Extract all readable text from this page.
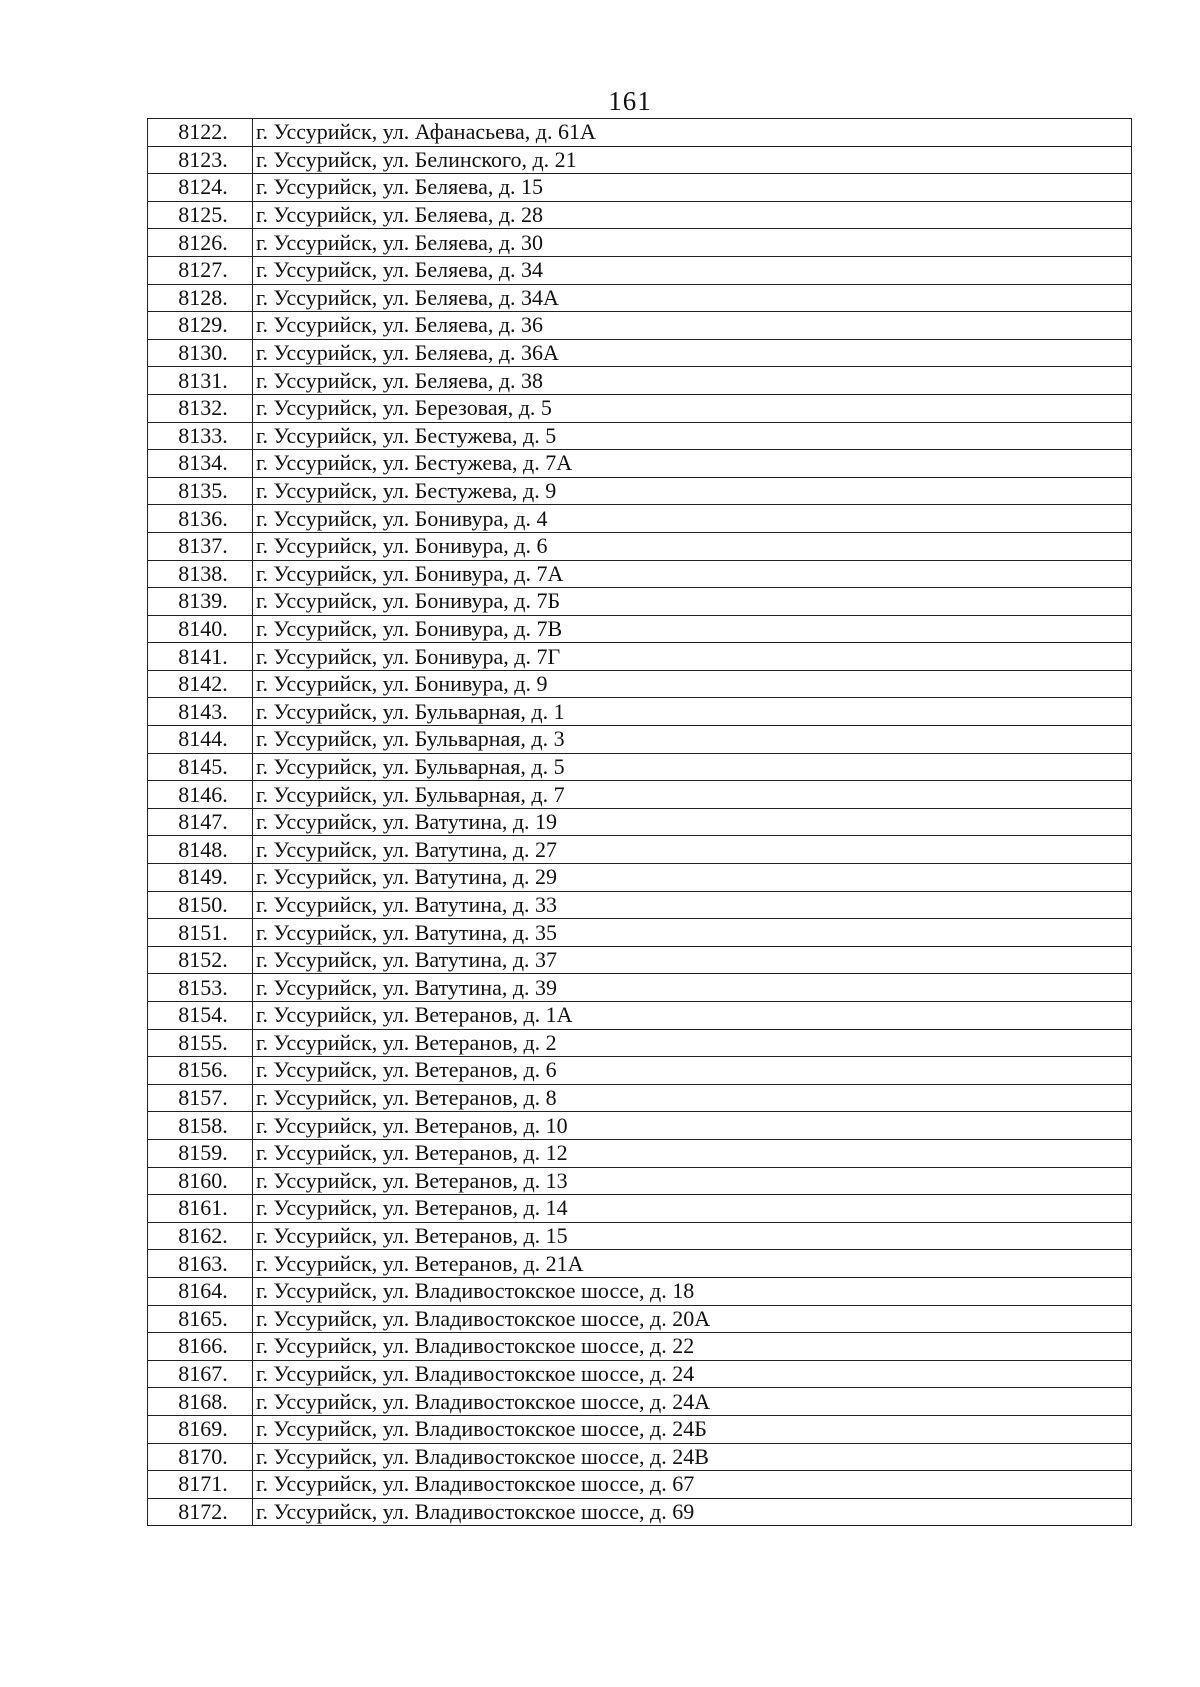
161
8122.	г. Уссурийск, ул. Афанасьева, д. 61А
8123.	г. Уссурийск, ул. Белинского, д. 21
8124.	г. Уссурийск, ул. Беляева, д. 15
8125.	г. Уссурийск, ул. Беляева, д. 28
8126.	г. Уссурийск, ул. Беляева, д. 30
8127.	г. Уссурийск, ул. Беляева, д. 34
8128.	г. Уссурийск, ул. Беляева, д. 34А
8129.	г. Уссурийск, ул. Беляева, д. 36
8130.	г. Уссурийск, ул. Беляева, д. 36А
8131.	г. Уссурийск, ул. Беляева, д. 38
8132.	г. Уссурийск, ул. Березовая, д. 5
8133.	г. Уссурийск, ул. Бестужева, д. 5
8134.	г. Уссурийск, ул. Бестужева, д. 7А
8135.	г. Уссурийск, ул. Бестужева, д. 9
8136.	г. Уссурийск, ул. Бонивура, д. 4
8137.	г. Уссурийск, ул. Бонивура, д. 6
8138.	г. Уссурийск, ул. Бонивура, д. 7А
8139.	г. Уссурийск, ул. Бонивура, д. 7Б
8140.	г. Уссурийск, ул. Бонивура, д. 7В
8141.	г. Уссурийск, ул. Бонивура, д. 7Г
8142.	г. Уссурийск, ул. Бонивура, д. 9
8143.	г. Уссурийск, ул. Бульварная, д. 1
8144.	г. Уссурийск, ул. Бульварная, д. 3
8145.	г. Уссурийск, ул. Бульварная, д. 5
8146.	г. Уссурийск, ул. Бульварная, д. 7
8147.	г. Уссурийск, ул. Ватутина, д. 19
8148.	г. Уссурийск, ул. Ватутина, д. 27
8149.	г. Уссурийск, ул. Ватутина, д. 29
8150.	г. Уссурийск, ул. Ватутина, д. 33
8151.	г. Уссурийск, ул. Ватутина, д. 35
8152.	г. Уссурийск, ул. Ватутина, д. 37
8153.	г. Уссурийск, ул. Ватутина, д. 39
8154.	г. Уссурийск, ул. Ветеранов, д. 1А
8155.	г. Уссурийск, ул. Ветеранов, д. 2
8156.	г. Уссурийск, ул. Ветеранов, д. 6
8157.	г. Уссурийск, ул. Ветеранов, д. 8
8158.	г. Уссурийск, ул. Ветеранов, д. 10
8159.	г. Уссурийск, ул. Ветеранов, д. 12
8160.	г. Уссурийск, ул. Ветеранов, д. 13
8161.	г. Уссурийск, ул. Ветеранов, д. 14
8162.	г. Уссурийск, ул. Ветеранов, д. 15
8163.	г. Уссурийск, ул. Ветеранов, д. 21А
8164.	г. Уссурийск, ул. Владивостокское шоссе, д. 18
8165.	г. Уссурийск, ул. Владивостокское шоссе, д. 20А
8166.	г. Уссурийск, ул. Владивостокское шоссе, д. 22
8167.	г. Уссурийск, ул. Владивостокское шоссе, д. 24
8168.	г. Уссурийск, ул. Владивостокское шоссе, д. 24А
8169.	г. Уссурийск, ул. Владивостокское шоссе, д. 24Б
8170.	г. Уссурийск, ул. Владивостокское шоссе, д. 24В
8171.	г. Уссурийск, ул. Владивостокское шоссе, д. 67
8172.	г. Уссурийск, ул. Владивостокское шоссе, д. 69
